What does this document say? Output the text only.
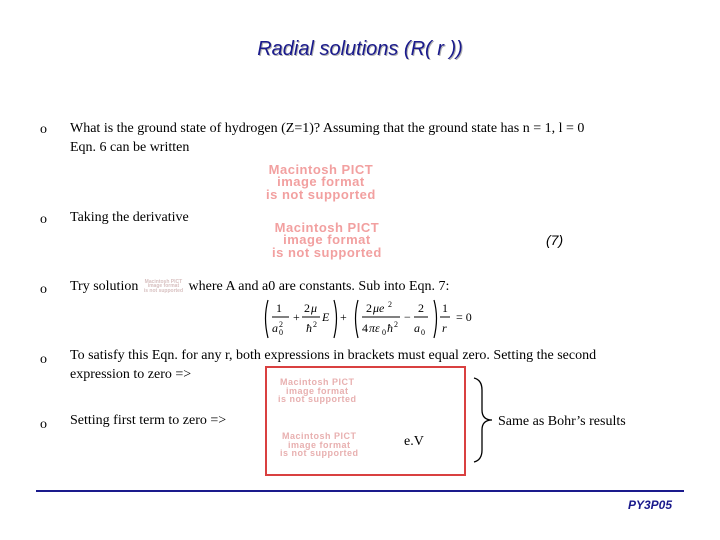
Radial solutions (R( r ))
o What is the ground state of hydrogen (Z=1)? Assuming that the ground state has n = 1, l = 0
Eqn. 6 can be written
Macintosh PICT
image format
is not supported
o Taking the derivative
Macintosh PICT
image format
is not supported
(7)
o Try solution Macintosh PICT
image format
is not supported where A and a0 are constants. Sub into Eqn. 7:
1
a 0
2
+
2 μ
ħ 2
E +
2 μe 2
4 πε 0 ħ 2
−
2
a 0
1
r
= 0
o To satisfy this Eqn. for any r, both expressions in brackets must equal zero. Setting the second
expression to zero =>	Macintosh PICT
image format
is not supported
o Setting first term to zero =>
Macintosh PICT
image format
is not supported
e.V
Same as Bohr’s results
PY3P05
